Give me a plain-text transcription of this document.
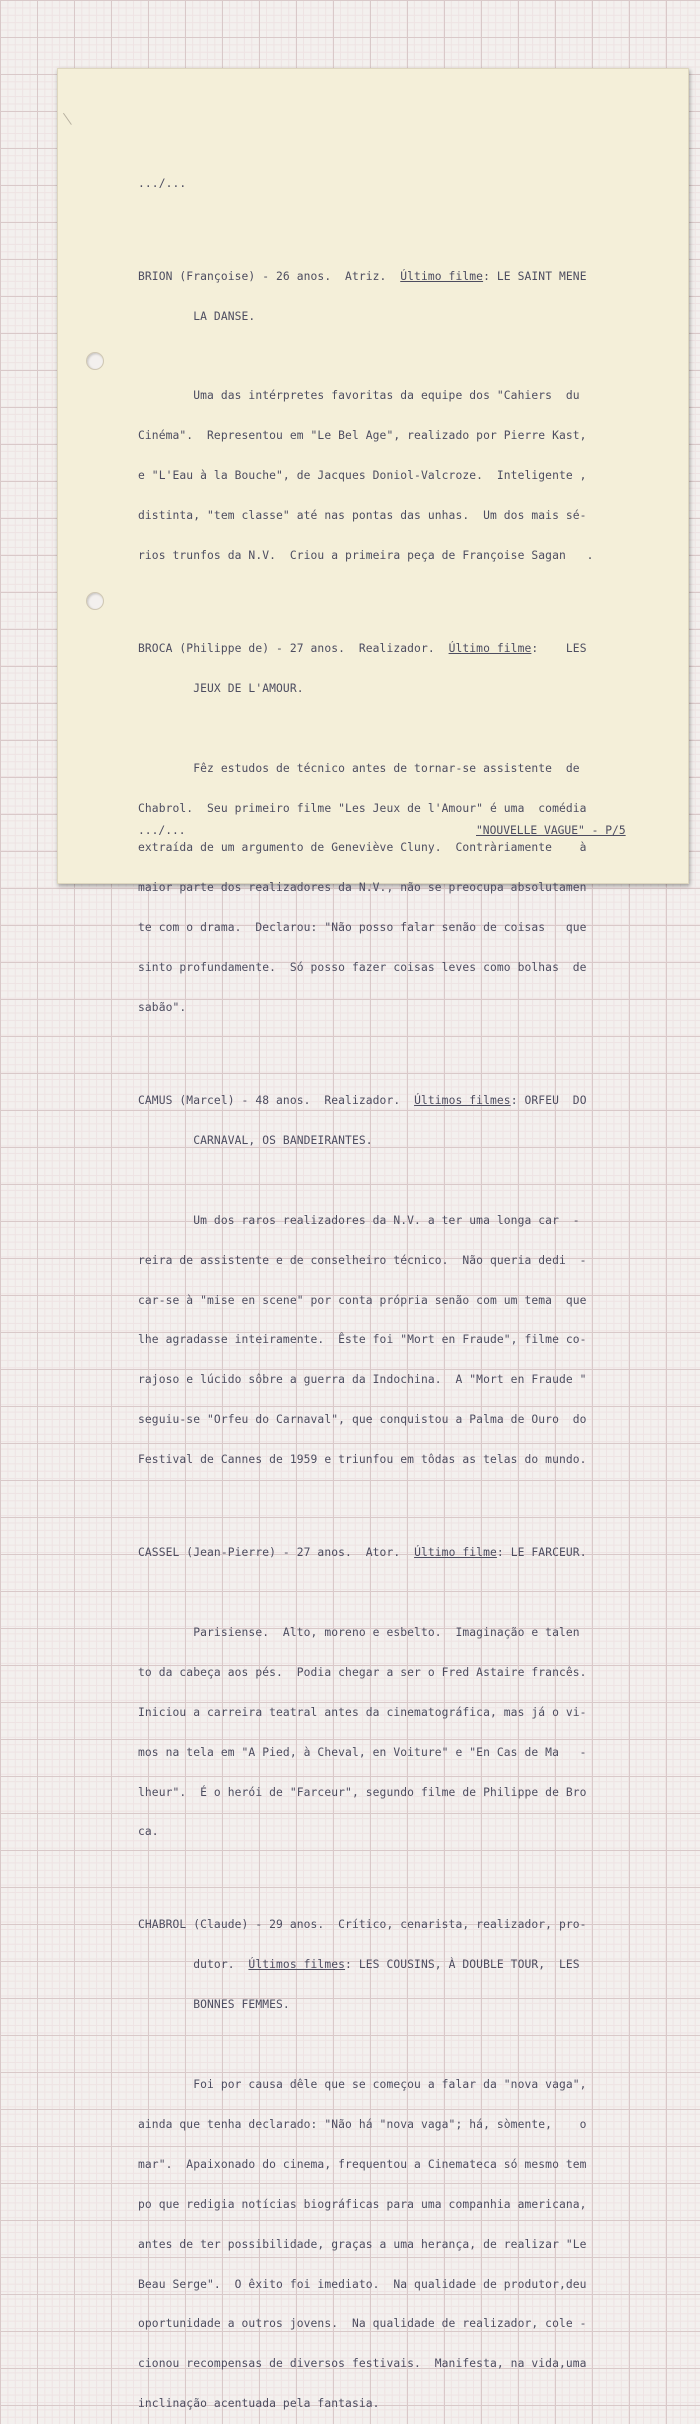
.../...

BRION (Françoise) - 26 anos.  Atriz.  Último filme: LE SAINT MENE

LA DANSE.

Uma das intérpretes favoritas da equipe dos "Cahiers  du

Cinéma".  Representou em "Le Bel Age", realizado por Pierre Kast,

e "L'Eau à la Bouche", de Jacques Doniol-Valcroze.  Inteligente ,

distinta, "tem classe" até nas pontas das unhas.  Um dos mais sé-

rios trunfos da N.V.  Criou a primeira peça de Françoise Sagan   .

BROCA (Philippe de) - 27 anos.  Realizador.  Último filme:    LES

JEUX DE L'AMOUR.

Fêz estudos de técnico antes de tornar-se assistente  de

Chabrol.  Seu primeiro filme "Les Jeux de l'Amour" é uma  comédia

extraída de um argumento de Geneviève Cluny.  Contràriamente    à

maior parte dos realizadores da N.V., não se preocupa absolutamen

te com o drama.  Declarou: "Não posso falar senão de coisas   que

sinto profundamente.  Só posso fazer coisas leves como bolhas  de

sabão".

CAMUS (Marcel) - 48 anos.  Realizador.  Últimos filmes: ORFEU  DO

CARNAVAL, OS BANDEIRANTES.

Um dos raros realizadores da N.V. a ter uma longa car  -

reira de assistente e de conselheiro técnico.  Não queria dedi  -

car-se à "mise en scene" por conta própria senão com um tema  que

lhe agradasse inteiramente.  Êste foi "Mort en Fraude", filme co-

rajoso e lúcido sôbre a guerra da Indochina.  A "Mort en Fraude "

seguiu-se "Orfeu do Carnaval", que conquistou a Palma de Ouro  do

Festival de Cannes de 1959 e triunfou em tôdas as telas do mundo.

CASSEL (Jean-Pierre) - 27 anos.  Ator.  Último filme: LE FARCEUR.

Parisiense.  Alto, moreno e esbelto.  Imaginação e talen

to da cabeça aos pés.  Podia chegar a ser o Fred Astaire francês.

Iniciou a carreira teatral antes da cinematográfica, mas já o vi-

mos na tela em "A Pied, à Cheval, en Voiture" e "En Cas de Ma   -

lheur".  É o herói de "Farceur", segundo filme de Philippe de Bro

ca.

CHABROL (Claude) - 29 anos.  Crítico, cenarista, realizador, pro-

dutor.  Últimos filmes: LES COUSINS, À DOUBLE TOUR,  LES

BONNES FEMMES.

Foi por causa dêle que se começou a falar da "nova vaga",

ainda que tenha declarado: "Não há "nova vaga"; há, sòmente,    o

mar".  Apaixonado do cinema, frequentou a Cinemateca só mesmo tem

po que redigia notícias biográficas para uma companhia americana,

antes de ter possibilidade, graças a uma herança, de realizar "Le

Beau Serge".  O êxito foi imediato.  Na qualidade de produtor,deu

oportunidade a outros jovens.  Na qualidade de realizador, cole -

cionou recompensas de diversos festivais.  Manifesta, na vida,uma

inclinação acentuada pela fantasia.

.../...	"NOUVELLE VAGUE" - P/5
